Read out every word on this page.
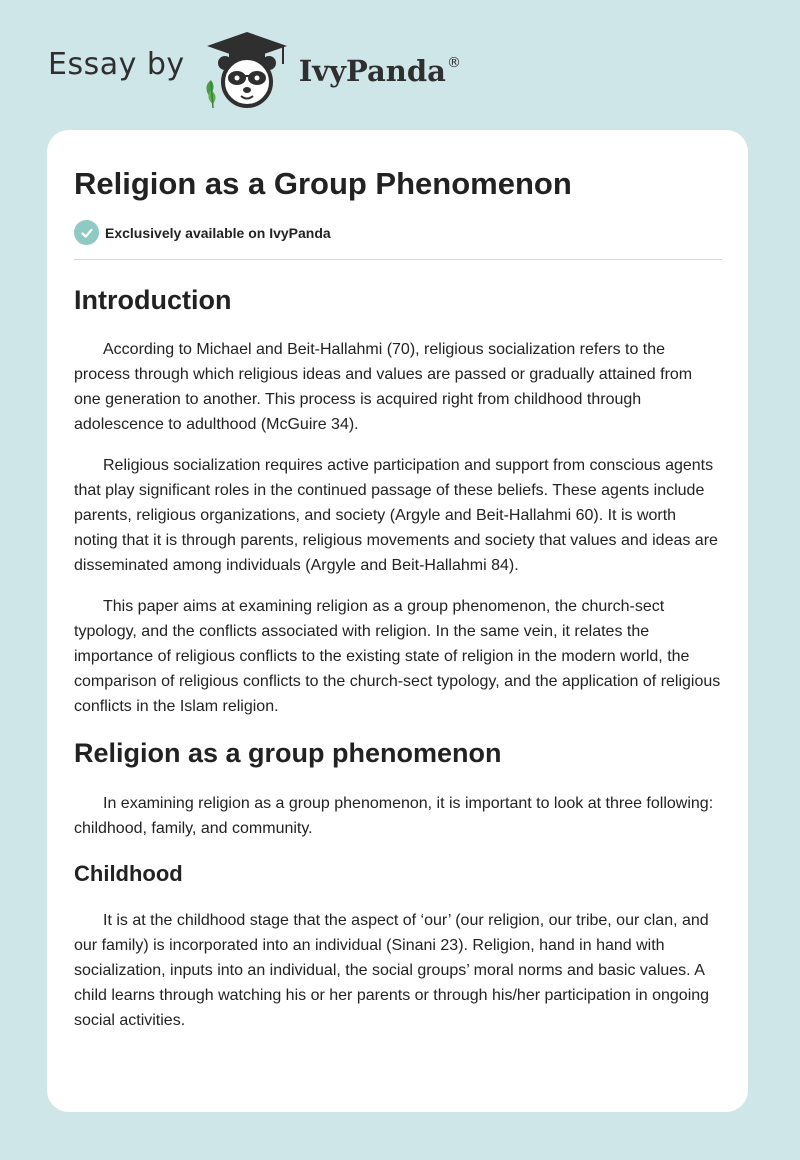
Essay by	IvyPanda®
Religion as a Group Phenomenon
Exclusively available on IvyPanda
Introduction

According to Michael and Beit-Hallahmi (70), religious socialization refers to the process through which religious ideas and values are passed or gradually attained from one generation to another. This process is acquired right from childhood through adolescence to adulthood (McGuire 34).

Religious socialization requires active participation and support from conscious agents that play significant roles in the continued passage of these beliefs. These agents include parents, religious organizations, and society (Argyle and Beit-Hallahmi 60). It is worth noting that it is through parents, religious movements and society that values and ideas are disseminated among individuals (Argyle and Beit-Hallahmi 84).

This paper aims at examining religion as a group phenomenon, the church-sect typology, and the conflicts associated with religion. In the same vein, it relates the importance of religious conflicts to the existing state of religion in the modern world, the comparison of religious conflicts to the church-sect typology, and the application of religious conflicts in the Islam religion.

Religion as a group phenomenon

In examining religion as a group phenomenon, it is important to look at three following: childhood, family, and community.

Childhood

It is at the childhood stage that the aspect of ‘our’ (our religion, our tribe, our clan, and our family) is incorporated into an individual (Sinani 23). Religion, hand in hand with socialization, inputs into an individual, the social groups’ moral norms and basic values. A child learns through watching his or her parents or through his/her participation in ongoing social activities.
